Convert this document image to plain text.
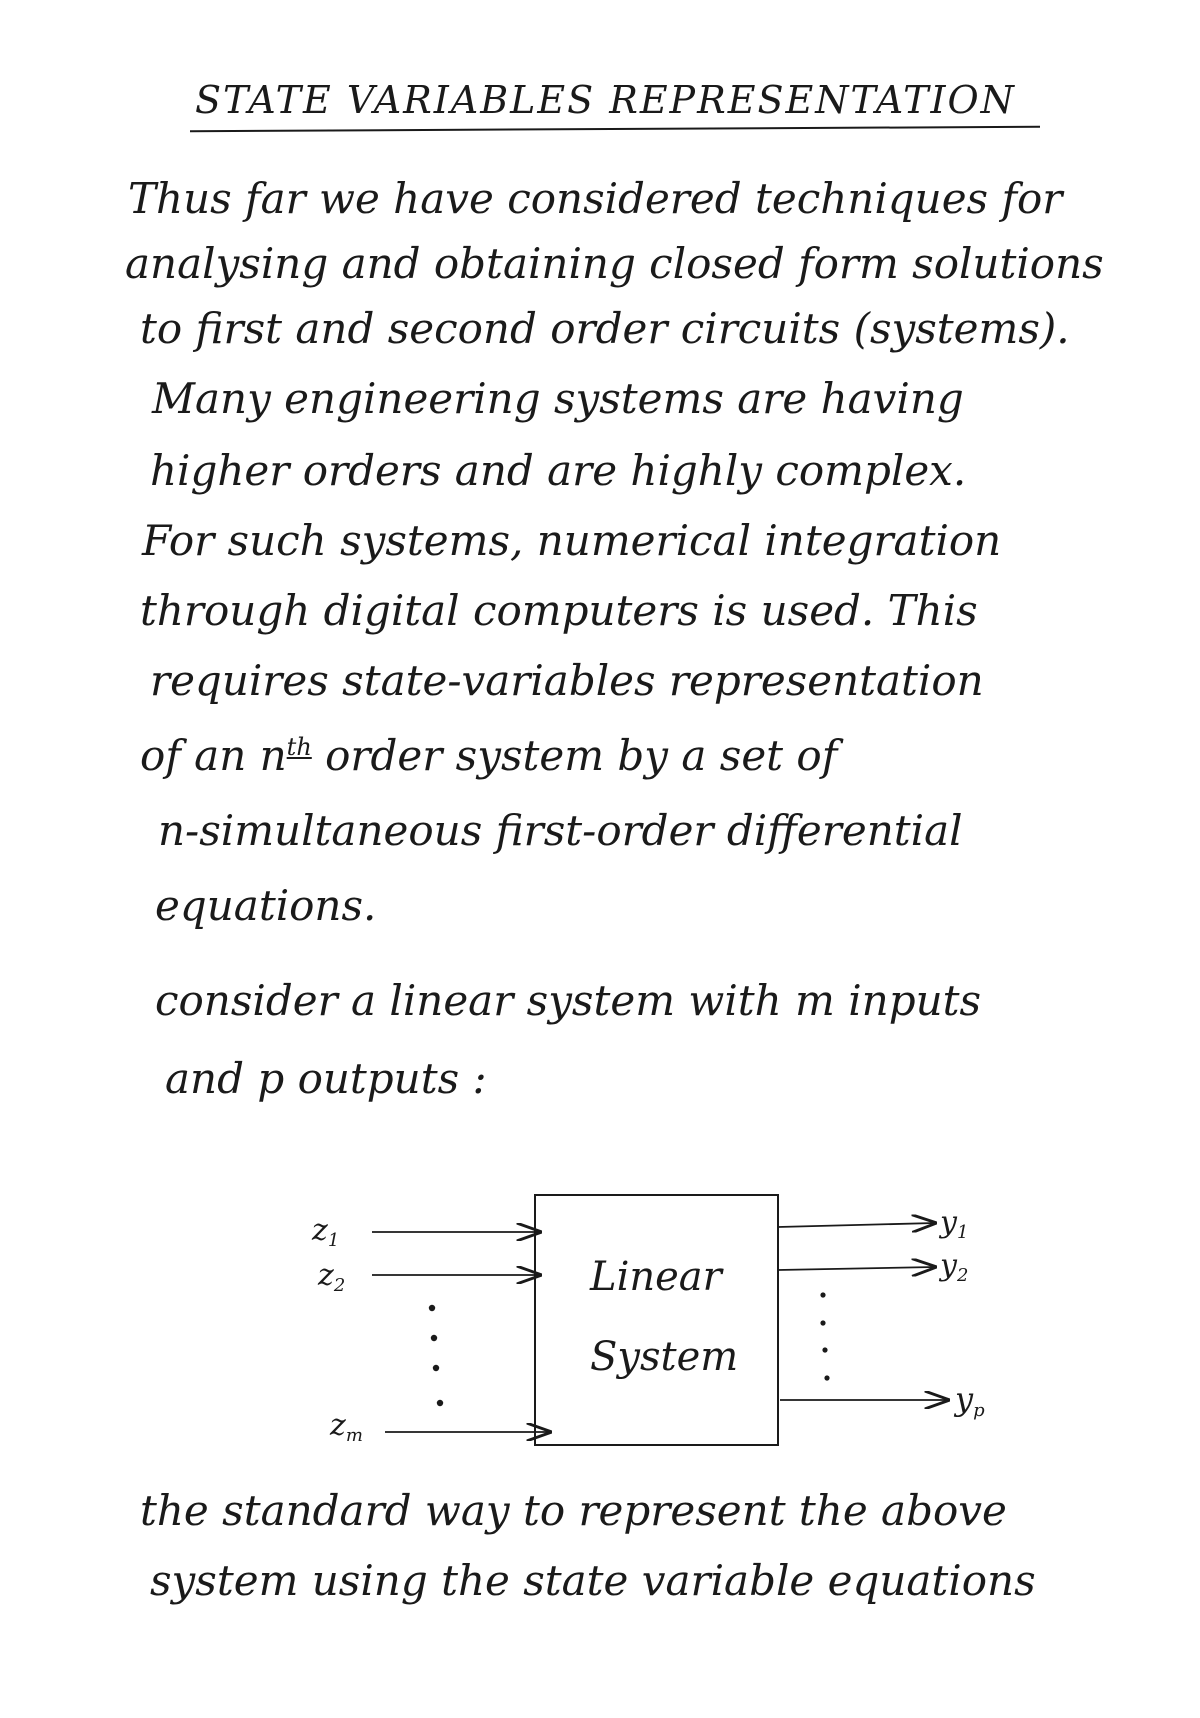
STATE VARIABLES REPRESENTATION
Thus far we have considered techniques for
analysing and obtaining closed form solutions
to first and second order circuits (systems).
Many engineering systems are having
higher orders and are highly complex.
For such systems, numerical integration
through digital computers is used. This
requires state-variables representation
of an $n^{th}$ order system by a set of
n-simultaneous first-order differential
equations.
consider a linear system with m inputs
and p outputs :
Linear
System
$z_1$
$z_2$
$z_m$
$y_1$
$y_2$
yp
the standard way to represent the above
system using the state variable equations
